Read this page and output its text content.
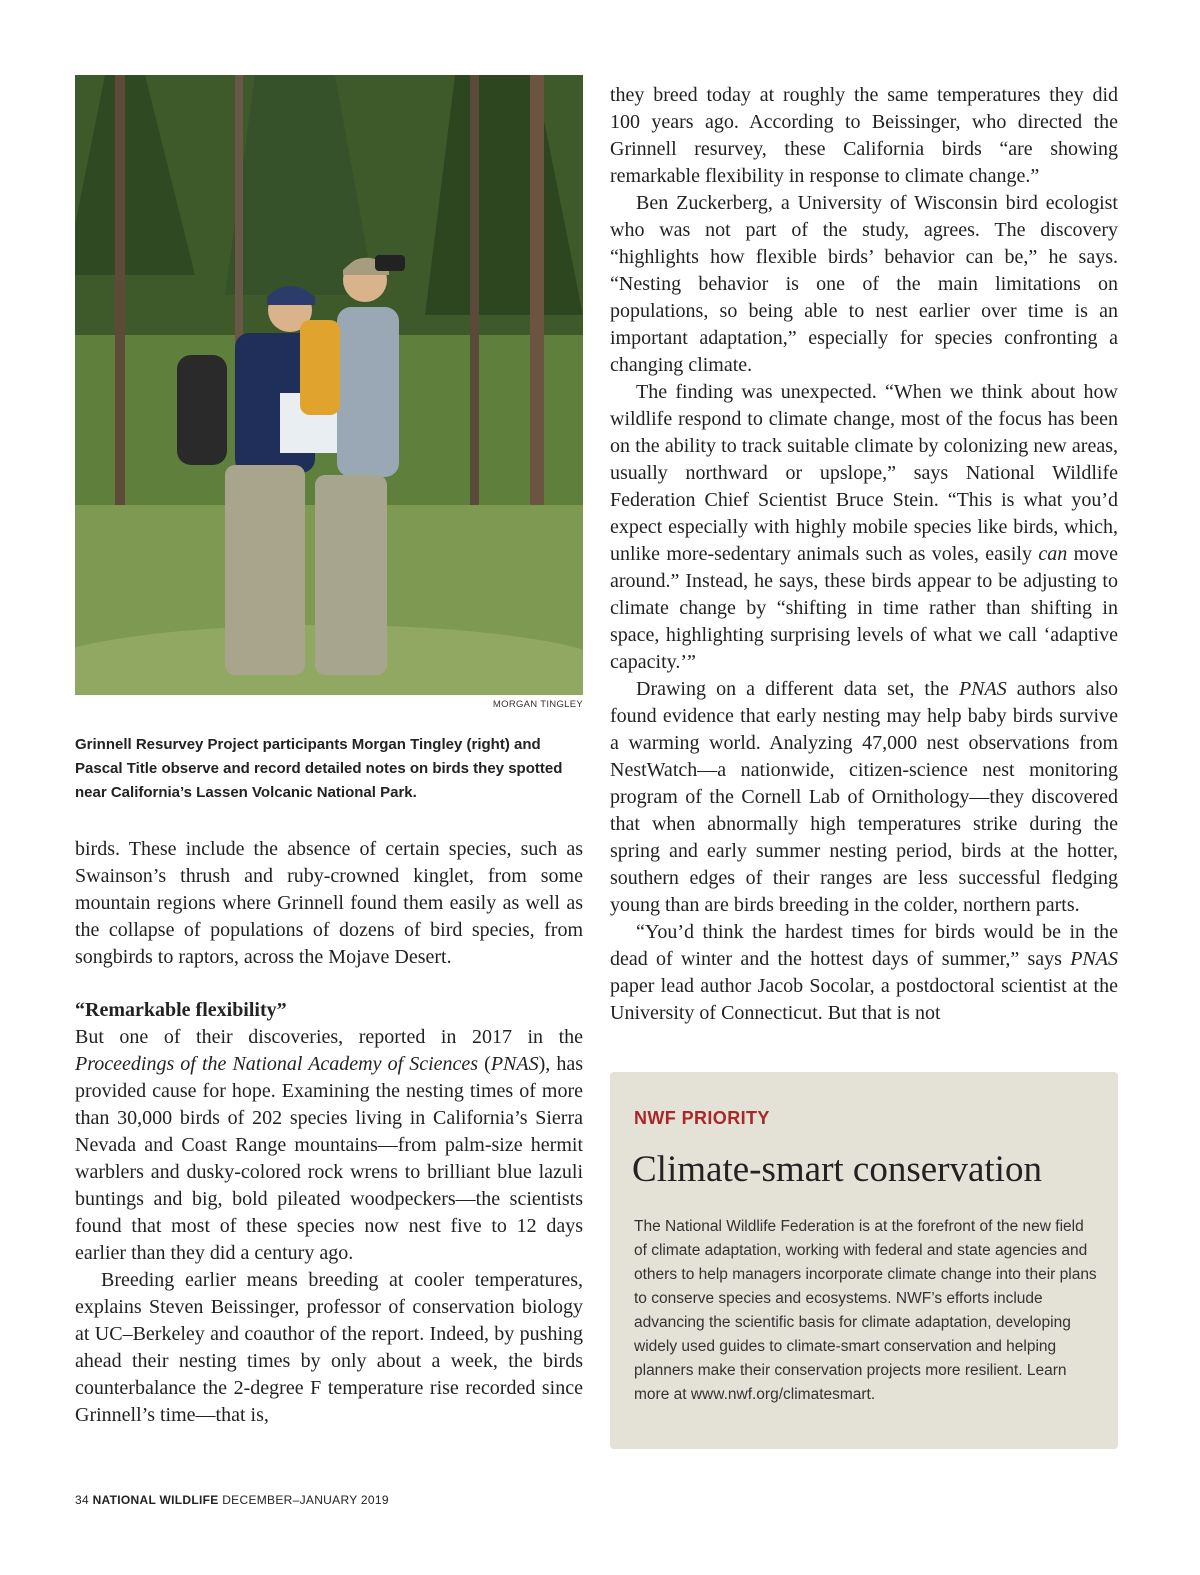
MORGAN TINGLEY
Grinnell Resurvey Project participants Morgan Tingley (right) and Pascal Title observe and record detailed notes on birds they spotted near California’s Lassen Volcanic National Park.

birds. These include the absence of certain species, such as Swainson’s thrush and ruby-crowned kinglet, from some mountain regions where Grinnell found them easily as well as the collapse of populations of dozens of bird species, from songbirds to raptors, across the Mojave Desert.

“Remarkable flexibility”

But one of their discoveries, reported in 2017 in the Proceedings of the National Academy of Sciences (PNAS), has provided cause for hope. Examining the nesting times of more than 30,000 birds of 202 species living in California’s Sierra Nevada and Coast Range mountains—from palm-size hermit warblers and dusky-colored rock wrens to brilliant blue lazuli buntings and big, bold pileated woodpeckers—the scientists found that most of these species now nest five to 12 days earlier than they did a century ago.

Breeding earlier means breeding at cooler temperatures, explains Steven Beissinger, professor of conservation biology at UC–Berkeley and coauthor of the report. Indeed, by pushing ahead their nesting times by only about a week, the birds counterbalance the 2-degree F temperature rise recorded since Grinnell’s time—that is,

they breed today at roughly the same temperatures they did 100 years ago. According to Beissinger, who directed the Grinnell resurvey, these California birds “are showing remarkable flexibility in response to climate change.”

Ben Zuckerberg, a University of Wisconsin bird ecologist who was not part of the study, agrees. The discovery “highlights how flexible birds’ behavior can be,” he says. “Nesting behavior is one of the main limitations on populations, so being able to nest earlier over time is an important adaptation,” especially for species confronting a changing climate.

The finding was unexpected. “When we think about how wildlife respond to climate change, most of the focus has been on the ability to track suitable climate by colonizing new areas, usually northward or upslope,” says National Wildlife Federation Chief Scientist Bruce Stein. “This is what you’d expect especially with highly mobile species like birds, which, unlike more-sedentary animals such as voles, easily can move around.” Instead, he says, these birds appear to be adjusting to climate change by “shifting in time rather than shifting in space, highlighting surprising levels of what we call ‘adaptive capacity.’”

Drawing on a different data set, the PNAS authors also found evidence that early nesting may help baby birds survive a warming world. Analyzing 47,000 nest observations from NestWatch—a nationwide, citizen-science nest monitoring program of the Cornell Lab of Ornithology—they discovered that when abnormally high temperatures strike during the spring and early summer nesting period, birds at the hotter, southern edges of their ranges are less successful fledging young than are birds breeding in the colder, northern parts.

“You’d think the hardest times for birds would be in the dead of winter and the hottest days of summer,” says PNAS paper lead author Jacob Socolar, a postdoctoral scientist at the University of Connecticut. But that is not

NWF PRIORITY
Climate-smart conservation
The National Wildlife Federation is at the forefront of the new field of climate adaptation, working with federal and state agencies and others to help managers incorporate climate change into their plans to conserve species and ecosystems. NWF’s efforts include advancing the scientific basis for climate adaptation, developing widely used guides to climate-smart conservation and helping planners make their conservation projects more resilient. Learn more at www.nwf.org/climatesmart.
34 NATIONAL WILDLIFE DECEMBER–JANUARY 2019
